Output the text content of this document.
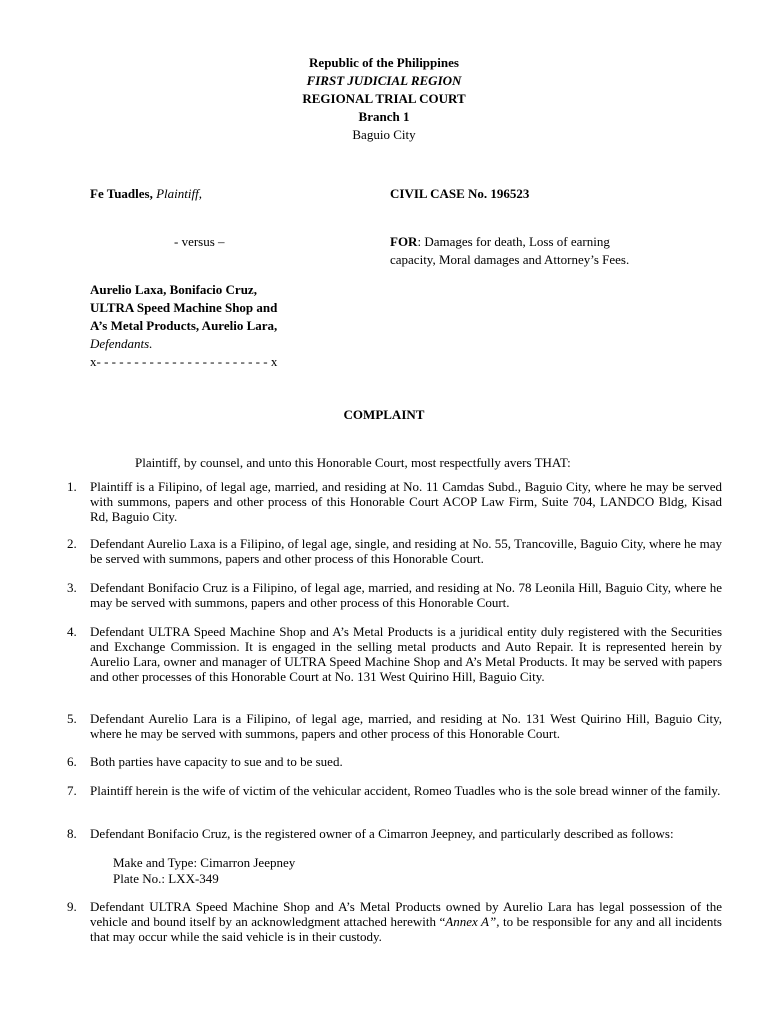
Republic of the Philippines
FIRST JUDICIAL REGION
REGIONAL TRIAL COURT
Branch 1
Baguio City
Fe Tuadles, Plaintiff,	CIVIL CASE No. 196523
- versus –	FOR: Damages for death, Loss of earning
capacity, Moral damages and Attorney’s Fees.
Aurelio Laxa, Bonifacio Cruz,
ULTRA Speed Machine Shop and
A’s Metal Products, Aurelio Lara,
Defendants.
x- - - - - - - - - - - - - - - - - - - - - - - x
COMPLAINT
Plaintiff, by counsel, and unto this Honorable Court, most respectfully avers THAT:
1. Plaintiff is a Filipino, of legal age, married, and residing at No. 11 Camdas Subd., Baguio City, where he may be served with summons, papers and other process of this Honorable Court ACOP Law Firm, Suite 704, LANDCO Bldg, Kisad Rd, Baguio City.
2. Defendant Aurelio Laxa is a Filipino, of legal age, single, and residing at No. 55, Trancoville, Baguio City, where he may be served with summons, papers and other process of this Honorable Court.
3. Defendant Bonifacio Cruz is a Filipino, of legal age, married, and residing at No. 78 Leonila Hill, Baguio City, where he may be served with summons, papers and other process of this Honorable Court.
4. Defendant ULTRA Speed Machine Shop and A’s Metal Products is a juridical entity duly registered with the Securities and Exchange Commission. It is engaged in the selling metal products and Auto Repair. It is represented herein by Aurelio Lara, owner and manager of ULTRA Speed Machine Shop and A’s Metal Products. It may be served with papers and other processes of this Honorable Court at No. 131 West Quirino Hill, Baguio City.
5. Defendant Aurelio Lara is a Filipino, of legal age, married, and residing at No. 131 West Quirino Hill, Baguio City, where he may be served with summons, papers and other process of this Honorable Court.
6. Both parties have capacity to sue and to be sued.
7. Plaintiff herein is the wife of victim of the vehicular accident, Romeo Tuadles who is the sole bread winner of the family.
8. Defendant Bonifacio Cruz, is the registered owner of a Cimarron Jeepney, and particularly described as follows:
Make and Type: Cimarron Jeepney
Plate No.: LXX-349
9. Defendant ULTRA Speed Machine Shop and A’s Metal Products owned by Aurelio Lara has legal possession of the vehicle and bound itself by an acknowledgment attached herewith “Annex A”, to be responsible for any and all incidents that may occur while the said vehicle is in their custody.
